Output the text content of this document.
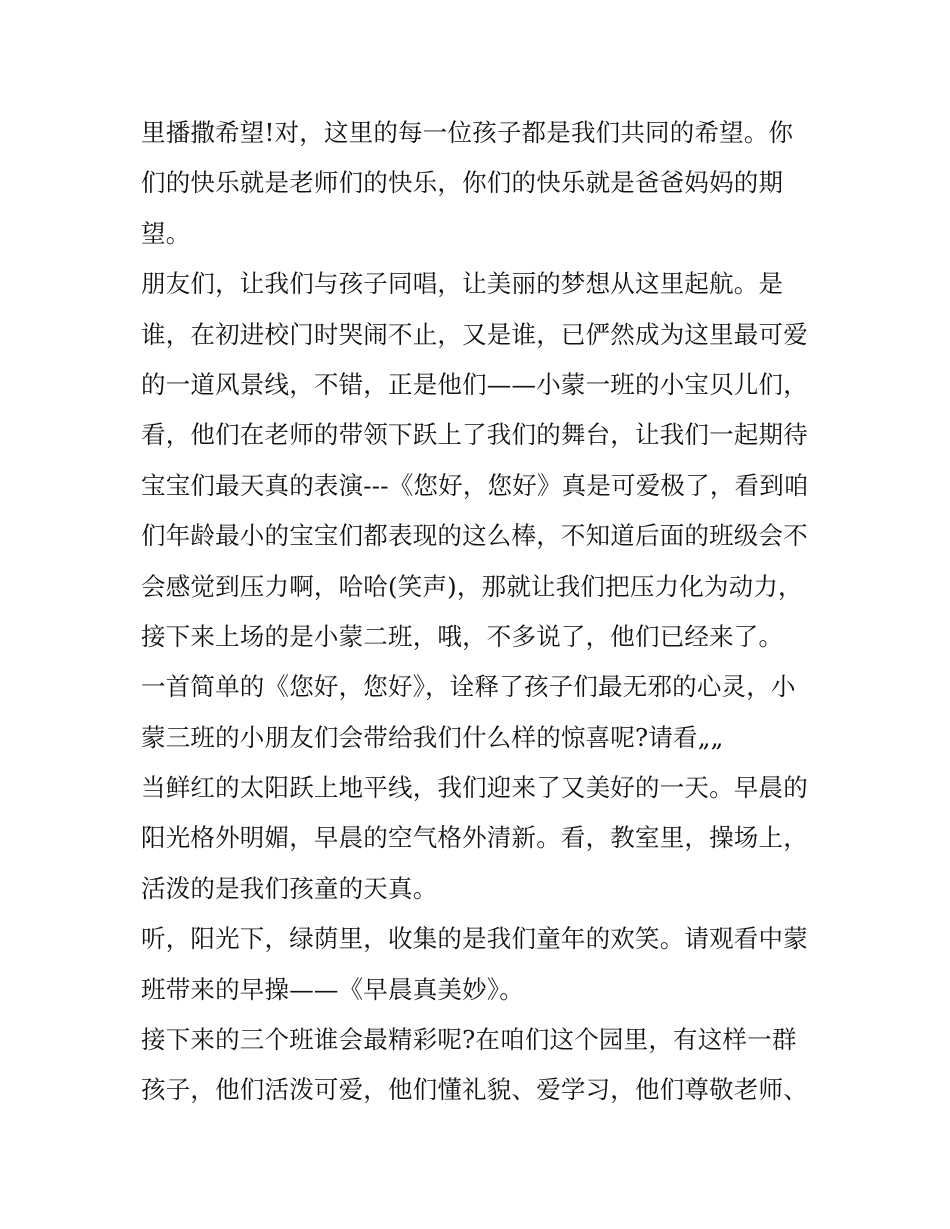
里播撒希望!对，这里的每一位孩子都是我们共同的希望。你
们的快乐就是老师们的快乐，你们的快乐就是爸爸妈妈的期
望。
朋友们，让我们与孩子同唱，让美丽的梦想从这里起航。是
谁，在初进校门时哭闹不止，又是谁，已俨然成为这里最可爱
的一道风景线，不错，正是他们——小蒙一班的小宝贝儿们，
看，他们在老师的带领下跃上了我们的舞台，让我们一起期待
宝宝们最天真的表演---《您好，您好》真是可爱极了，看到咱
们年龄最小的宝宝们都表现的这么棒，不知道后面的班级会不
会感觉到压力啊，哈哈(笑声)，那就让我们把压力化为动力，
接下来上场的是小蒙二班，哦，不多说了，他们已经来了。
一首简单的《您好，您好》，诠释了孩子们最无邪的心灵，小
蒙三班的小朋友们会带给我们什么样的惊喜呢?请看„„
当鲜红的太阳跃上地平线，我们迎来了又美好的一天。早晨的
阳光格外明媚，早晨的空气格外清新。看，教室里，操场上，
活泼的是我们孩童的天真。
听，阳光下，绿荫里，收集的是我们童年的欢笑。请观看中蒙
班带来的早操——《早晨真美妙》。
接下来的三个班谁会最精彩呢?在咱们这个园里，有这样一群
孩子，他们活泼可爱，他们懂礼貌、爱学习，他们尊敬老师、
